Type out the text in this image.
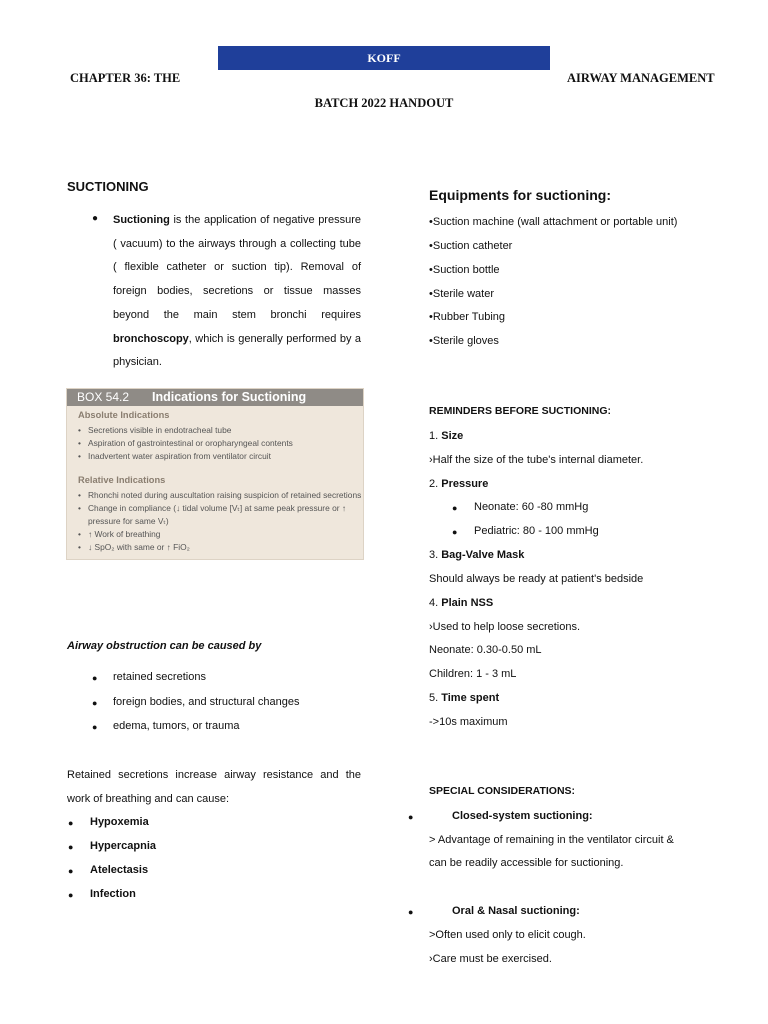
KOFF
CHAPTER 36: THE	AIRWAY MANAGEMENT
BATCH 2022 HANDOUT
SUCTIONING
● Suctioning is the application of negative pressure ( vacuum) to the airways through a collecting tube ( flexible catheter or suction tip). Removal of foreign bodies, secretions or tissue masses beyond the main stem bronchi requires bronchoscopy, which is generally performed by a physician.

BOX 54.2 Indications for Suctioning
Absolute Indications
• Secretions visible in endotracheal tube
• Aspiration of gastrointestinal or oropharyngeal contents
• Inadvertent water aspiration from ventilator circuit
Relative Indications
• Rhonchi noted during auscultation raising suspicion of retained secretions
• Change in compliance (↓ tidal volume [Vₜ] at same peak pressure or ↑
pressure for same Vₜ)
• ↑ Work of breathing
• ↓ SpO₂ with same or ↑ FiO₂
Airway obstruction can be caused by
● retained secretions
● foreign bodies, and structural changes
● edema, tumors, or trauma

Retained secretions increase airway resistance and the work of breathing and can cause:

● Hypoxemia
● Hypercapnia
● Atelectasis
● Infection
Equipments for suctioning:
•Suction machine (wall attachment or portable unit)
•Suction catheter
•Suction bottle
•Sterile water
•Rubber Tubing
•Sterile gloves
REMINDERS BEFORE SUCTIONING:
1. Size
›Half the size of the tube's internal diameter.
2. Pressure
● Neonate: 60 -80 mmHg
● Pediatric: 80 - 100 mmHg
3. Bag-Valve Mask
Should always be ready at patient's bedside
4. Plain NSS
›Used to help loose secretions.
Neonate: 0.30-0.50 mL
Children: 1 - 3 mL
5. Time spent
->10s maximum
SPECIAL CONSIDERATIONS:
●	Closed-system suctioning:
> Advantage of remaining in the ventilator circuit &
can be readily accessible for suctioning.
●	Oral & Nasal suctioning:
>Often used only to elicit cough.
›Care must be exercised.
